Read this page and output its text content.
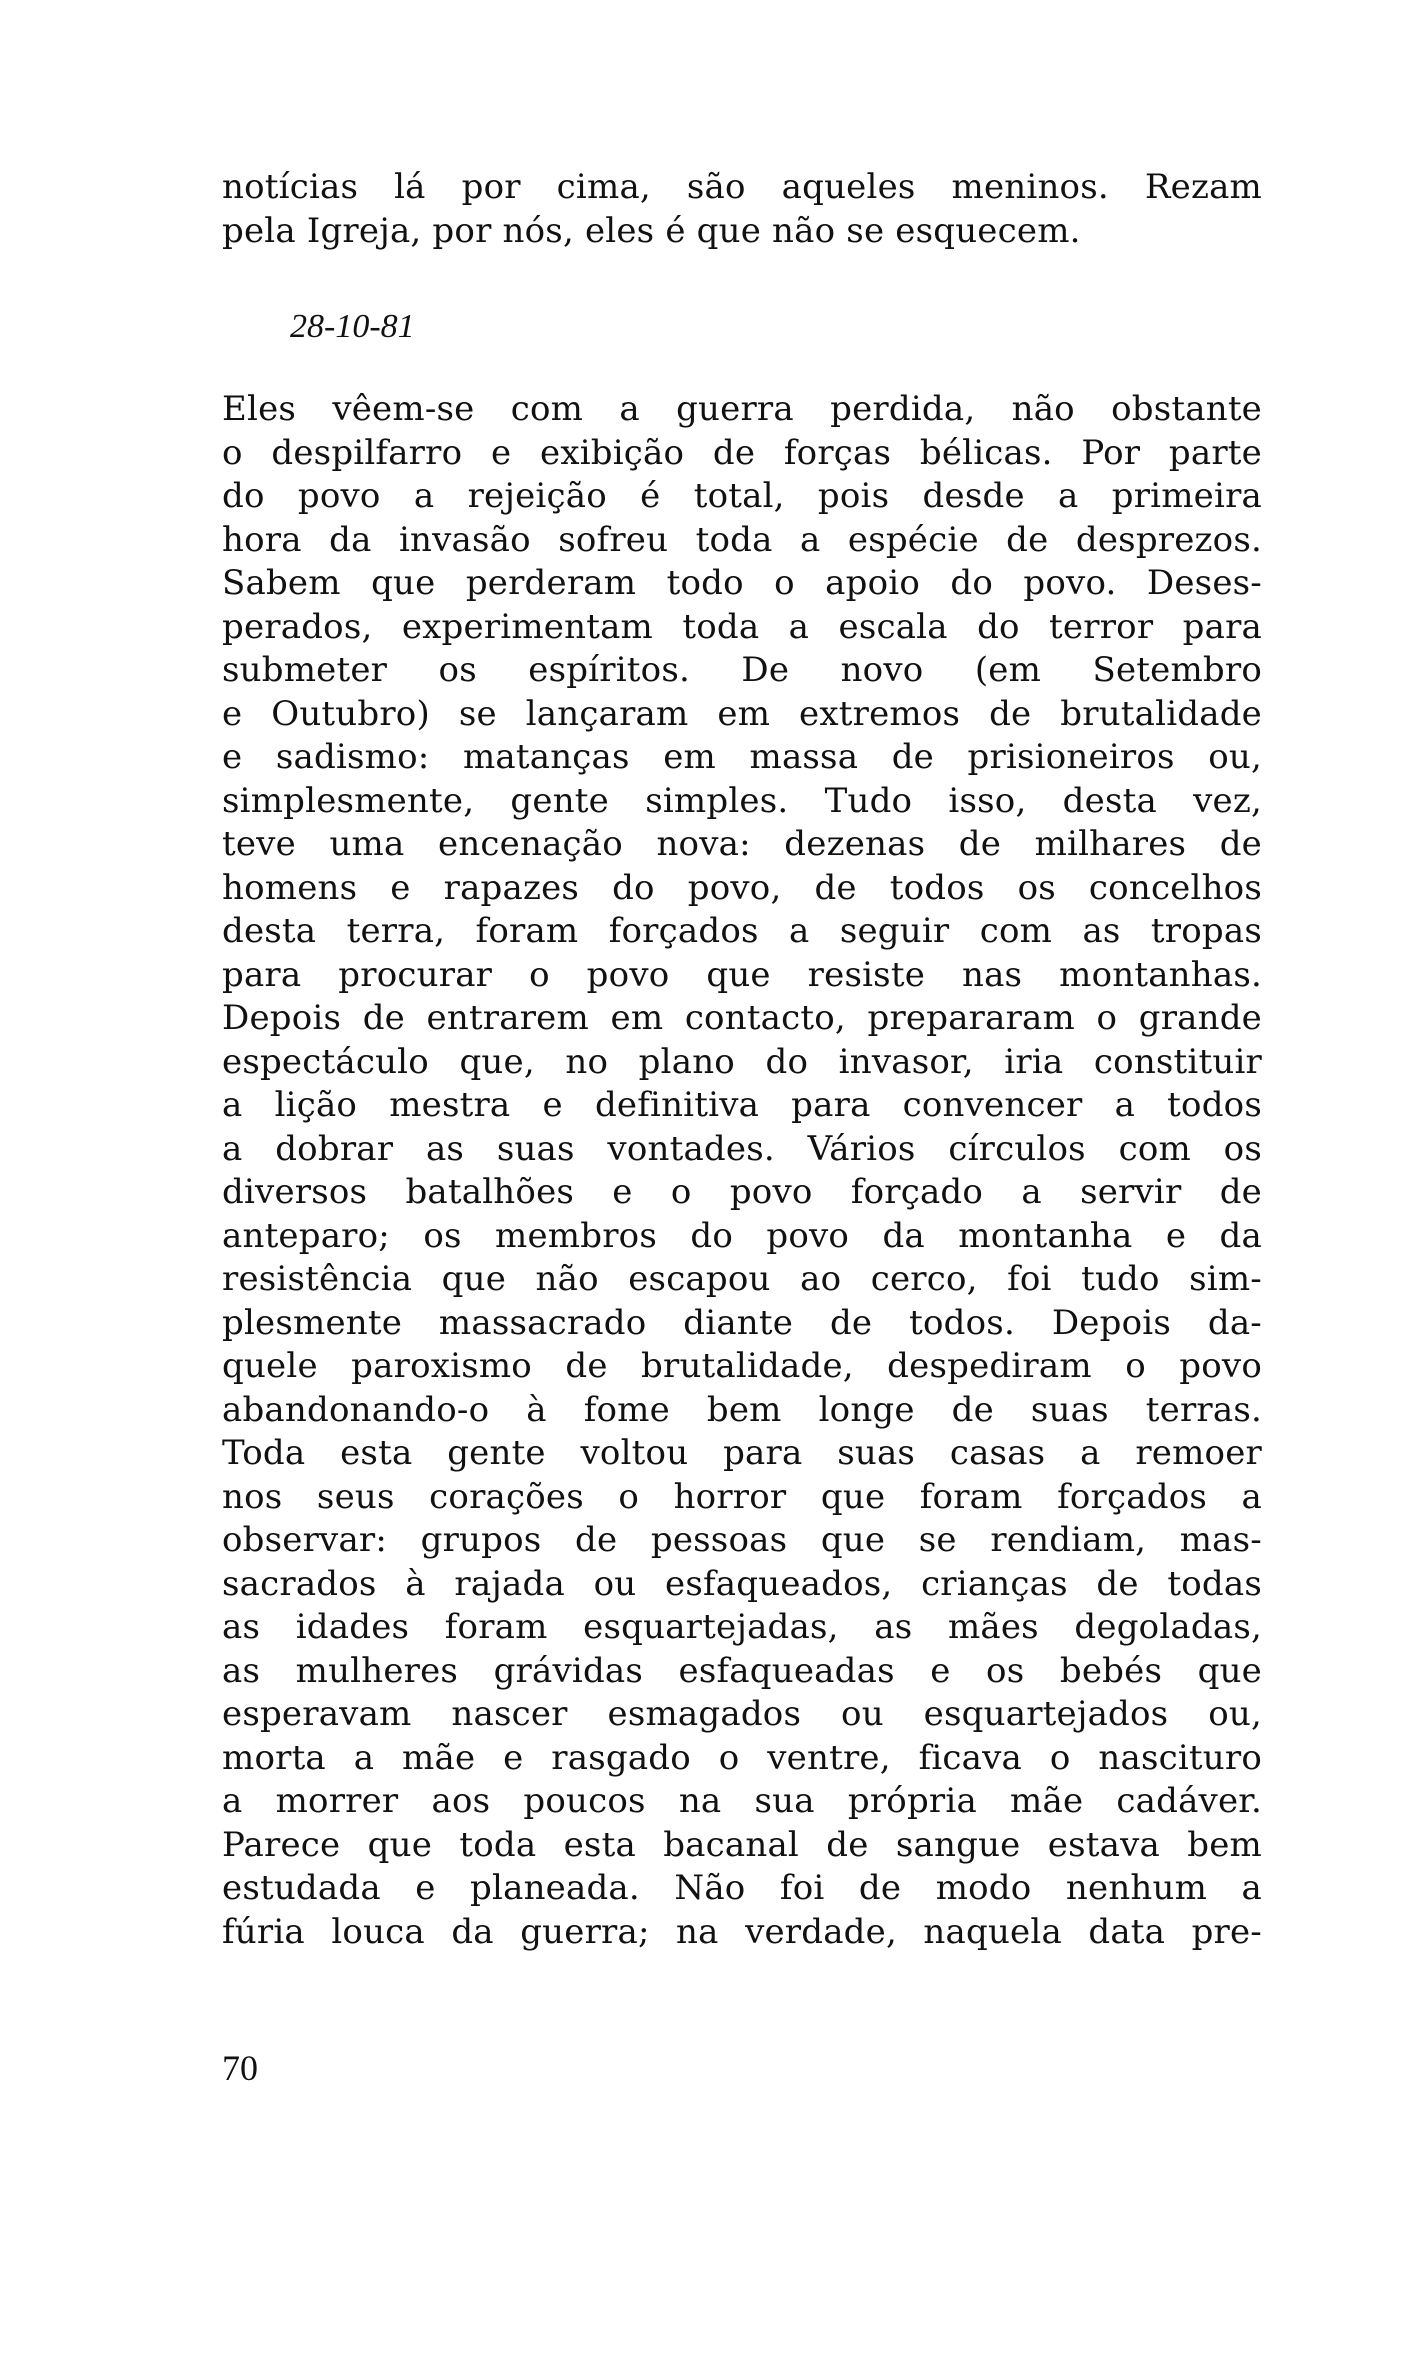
notícias lá por cima, são aqueles meninos. Rezam
pela Igreja, por nós, eles é que não se esquecem.
28-10-81
Eles vêem-se com a guerra perdida, não obstante
o despilfarro e exibição de forças bélicas. Por parte
do povo a rejeição é total, pois desde a primeira
hora da invasão sofreu toda a espécie de desprezos.
Sabem que perderam todo o apoio do povo. Deses-
perados, experimentam toda a escala do terror para
submeter os espíritos. De novo (em Setembro
e Outubro) se lançaram em extremos de brutalidade
e sadismo: matanças em massa de prisioneiros ou,
simplesmente, gente simples. Tudo isso, desta vez,
teve uma encenação nova: dezenas de milhares de
homens e rapazes do povo, de todos os concelhos
desta terra, foram forçados a seguir com as tropas
para procurar o povo que resiste nas montanhas.
Depois de entrarem em contacto, prepararam o grande
espectáculo que, no plano do invasor, iria constituir
a lição mestra e definitiva para convencer a todos
a dobrar as suas vontades. Vários círculos com os
diversos batalhões e o povo forçado a servir de
anteparo; os membros do povo da montanha e da
resistência que não escapou ao cerco, foi tudo sim-
plesmente massacrado diante de todos. Depois da-
quele paroxismo de brutalidade, despediram o povo
abandonando-o à fome bem longe de suas terras.
Toda esta gente voltou para suas casas a remoer
nos seus corações o horror que foram forçados a
observar: grupos de pessoas que se rendiam, mas-
sacrados à rajada ou esfaqueados, crianças de todas
as idades foram esquartejadas, as mães degoladas,
as mulheres grávidas esfaqueadas e os bebés que
esperavam nascer esmagados ou esquartejados ou,
morta a mãe e rasgado o ventre, ficava o nascituro
a morrer aos poucos na sua própria mãe cadáver.
Parece que toda esta bacanal de sangue estava bem
estudada e planeada. Não foi de modo nenhum a
fúria louca da guerra; na verdade, naquela data pre-
70
